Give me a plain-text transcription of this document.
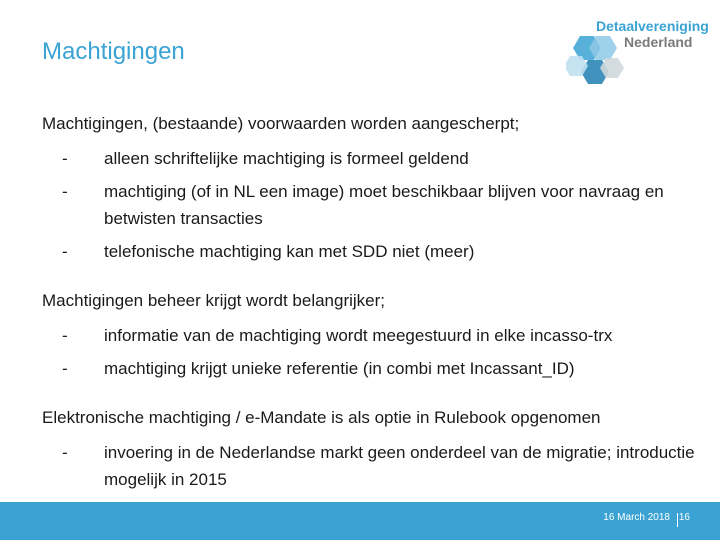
Machtigingen
Detaalvereniging
Nederland
Machtigingen, (bestaande) voorwaarden worden aangescherpt;
-	alleen schriftelijke machtiging is formeel geldend
-	machtiging (of in NL een image) moet beschikbaar blijven voor navraag en betwisten transacties
-	telefonische machtiging kan met SDD niet (meer)
Machtigingen beheer krijgt wordt belangrijker;
-	informatie van de machtiging wordt meegestuurd in elke incasso-trx
-	machtiging krijgt unieke referentie (in combi met Incassant_ID)
Elektronische machtiging / e-Mandate is als optie in Rulebook opgenomen
-	invoering in de Nederlandse markt geen onderdeel van de migratie; introductie mogelijk in 2015
16 March 2018 16
